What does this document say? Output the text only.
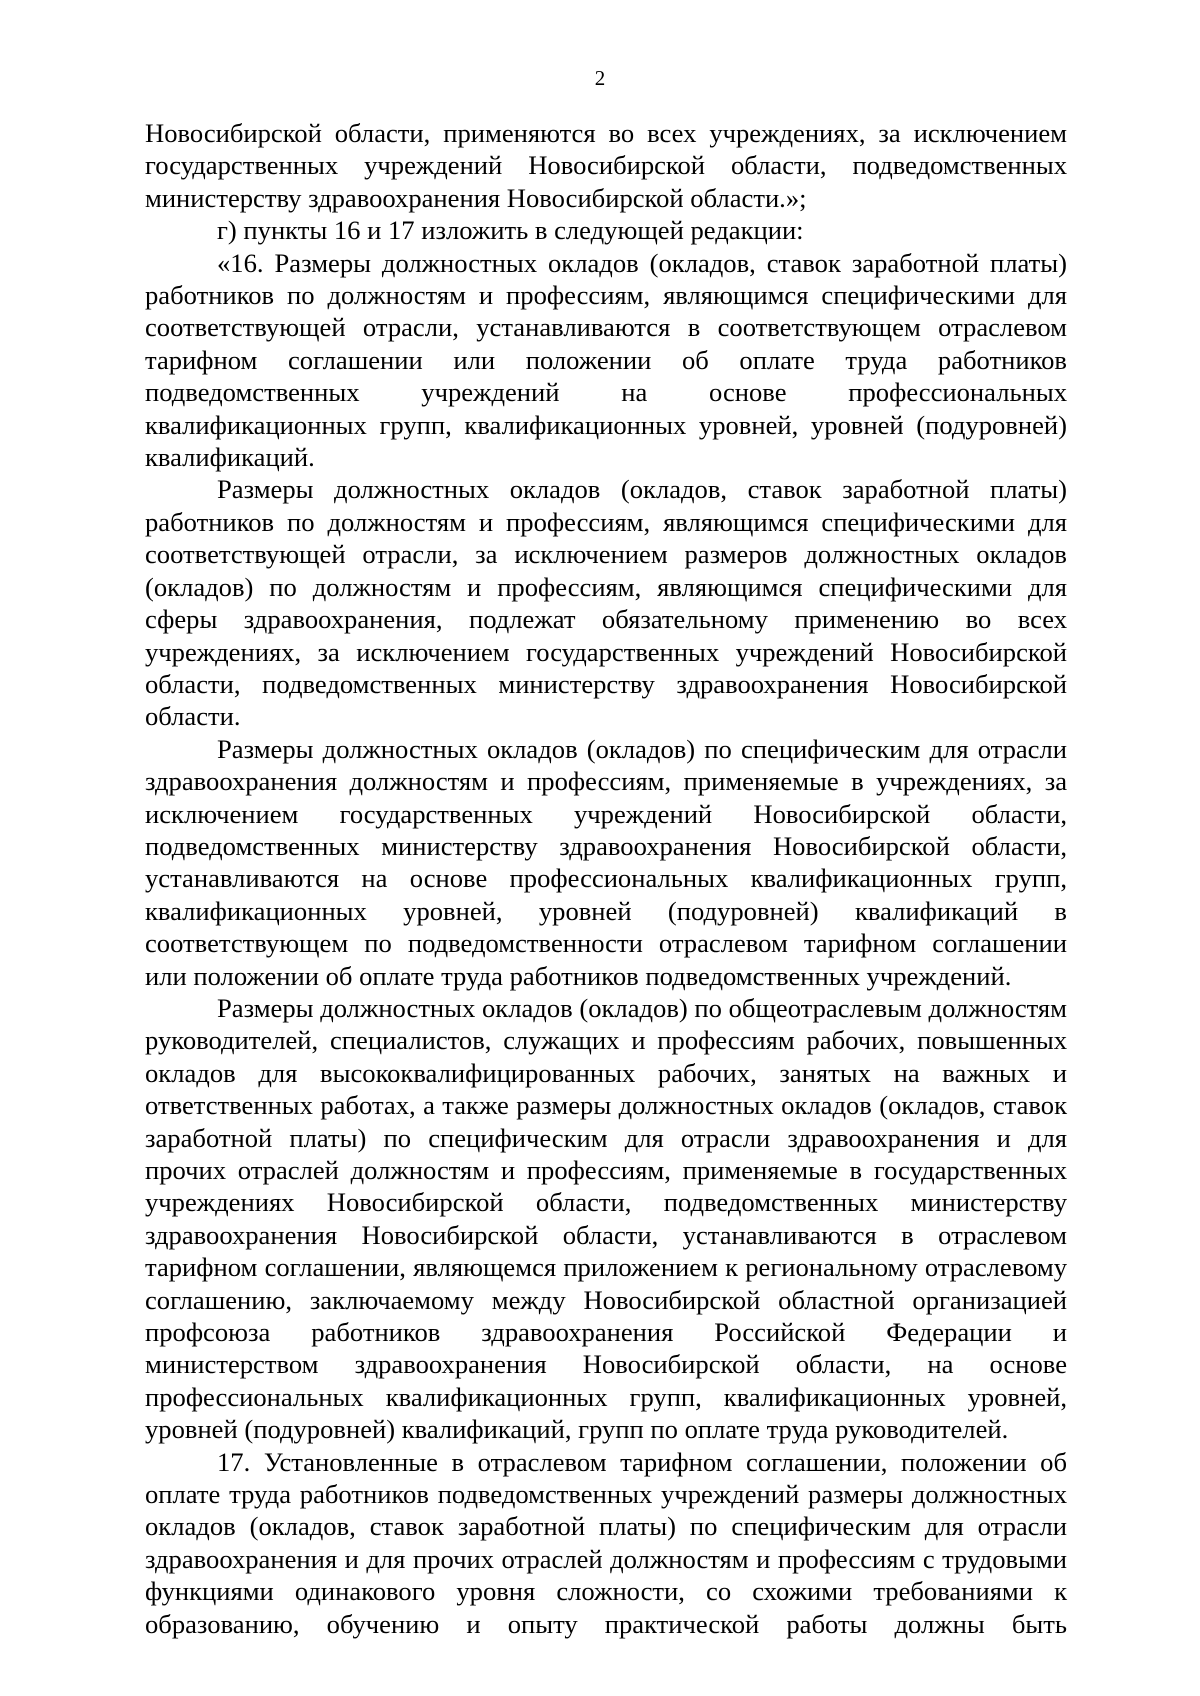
2

Новосибирской области, применяются во всех учреждениях, за исключением государственных учреждений Новосибирской области, подведомственных министерству здравоохранения Новосибирской области.»;

г) пункты 16 и 17 изложить в следующей редакции:

«16. Размеры должностных окладов (окладов, ставок заработной платы) работников по должностям и профессиям, являющимся специфическими для соответствующей отрасли, устанавливаются в соответствующем отраслевом тарифном соглашении или положении об оплате труда работников подведомственных учреждений на основе профессиональных квалификационных групп, квалификационных уровней, уровней (подуровней) квалификаций.

Размеры должностных окладов (окладов, ставок заработной платы) работников по должностям и профессиям, являющимся специфическими для соответствующей отрасли, за исключением размеров должностных окладов (окладов) по должностям и профессиям, являющимся специфическими для сферы здравоохранения, подлежат обязательному применению во всех учреждениях, за исключением государственных учреждений Новосибирской области, подведомственных министерству здравоохранения Новосибирской области.

Размеры должностных окладов (окладов) по специфическим для отрасли здравоохранения должностям и профессиям, применяемые в учреждениях, за исключением государственных учреждений Новосибирской области, подведомственных министерству здравоохранения Новосибирской области, устанавливаются на основе профессиональных квалификационных групп, квалификационных уровней, уровней (подуровней) квалификаций в соответствующем по подведомственности отраслевом тарифном соглашении или положении об оплате труда работников подведомственных учреждений.

Размеры должностных окладов (окладов) по общеотраслевым должностям руководителей, специалистов, служащих и профессиям рабочих, повышенных окладов для высококвалифицированных рабочих, занятых на важных и ответственных работах, а также размеры должностных окладов (окладов, ставок заработной платы) по специфическим для отрасли здравоохранения и для прочих отраслей должностям и профессиям, применяемые в государственных учреждениях Новосибирской области, подведомственных министерству здравоохранения Новосибирской области, устанавливаются в отраслевом тарифном соглашении, являющемся приложением к региональному отраслевому соглашению, заключаемому между Новосибирской областной организацией профсоюза работников здравоохранения Российской Федерации и министерством здравоохранения Новосибирской области, на основе профессиональных квалификационных групп, квалификационных уровней, уровней (подуровней) квалификаций, групп по оплате труда руководителей.

17. Установленные в отраслевом тарифном соглашении, положении об оплате труда работников подведомственных учреждений размеры должностных окладов (окладов, ставок заработной платы) по специфическим для отрасли здравоохранения и для прочих отраслей должностям и профессиям с трудовыми функциями одинакового уровня сложности, со схожими требованиями к образованию, обучению и опыту практической работы должны быть
